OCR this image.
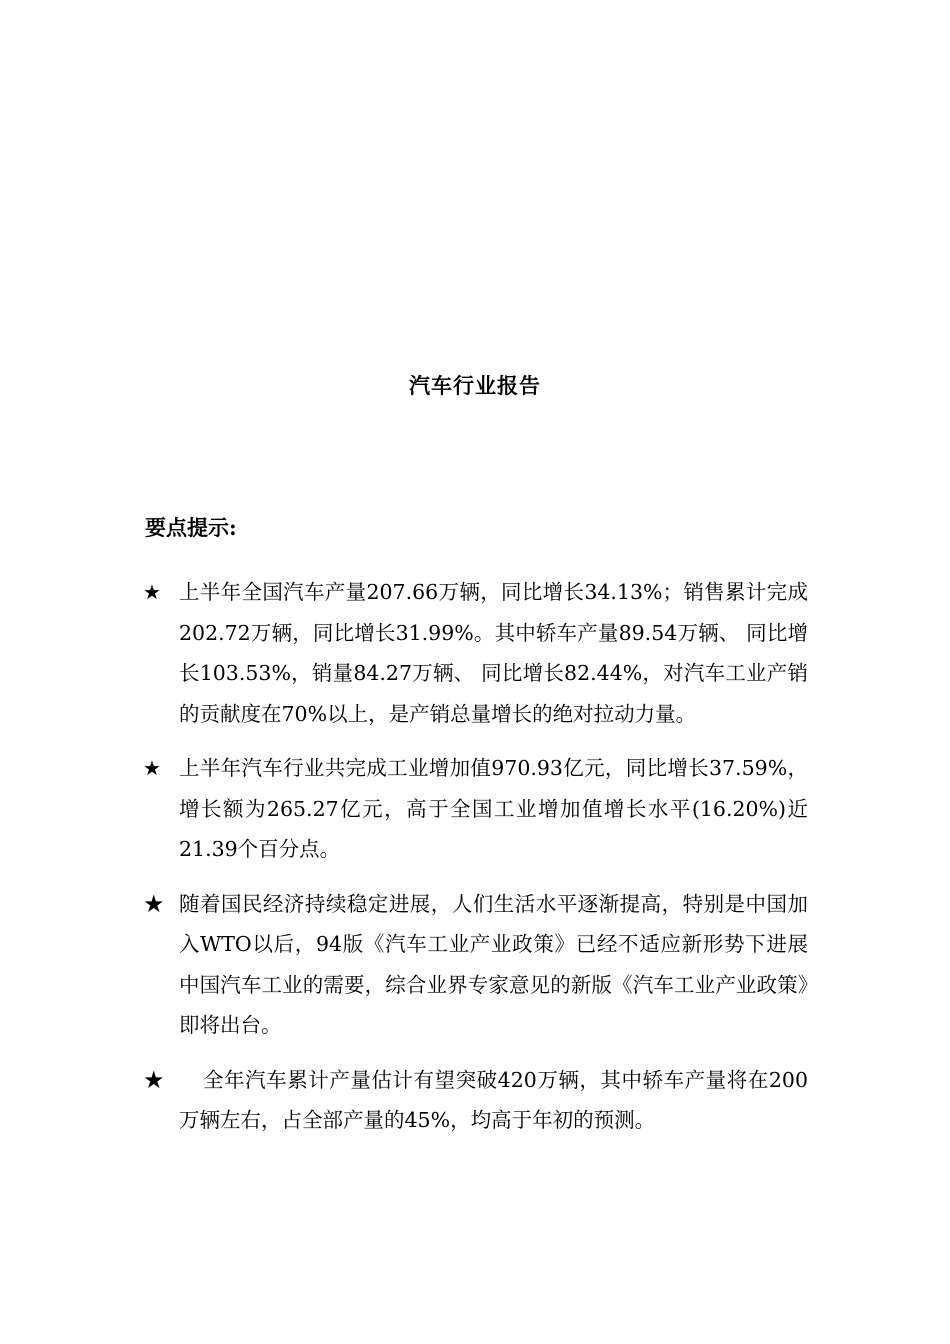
汽车行业报告
要点提示:
★ 上半年全国汽车产量207.66万辆，同比增长34.13%；销售累计完成202.72万辆，同比增长31.99%。其中轿车产量89.54万辆、 同比增长103.53%，销量84.27万辆、 同比增长82.44%，对汽车工业产销的贡献度在70%以上，是产销总量增长的绝对拉动力量。
★ 上半年汽车行业共完成工业增加值970.93亿元，同比增长37.59%，增长额为265.27亿元，高于全国工业增加值增长水平(16.20%)近21.39个百分点。
★ 随着国民经济持续稳定进展，人们生活水平逐渐提高，特别是中国加入WTO以后，94版《汽车工业产业政策》已经不适应新形势下进展中国汽车工业的需要，综合业界专家意见的新版《汽车工业产业政策》即将出台。
★	全年汽车累计产量估计有望突破420万辆，其中轿车产量将在200万辆左右，占全部产量的45%，均高于年初的预测。
